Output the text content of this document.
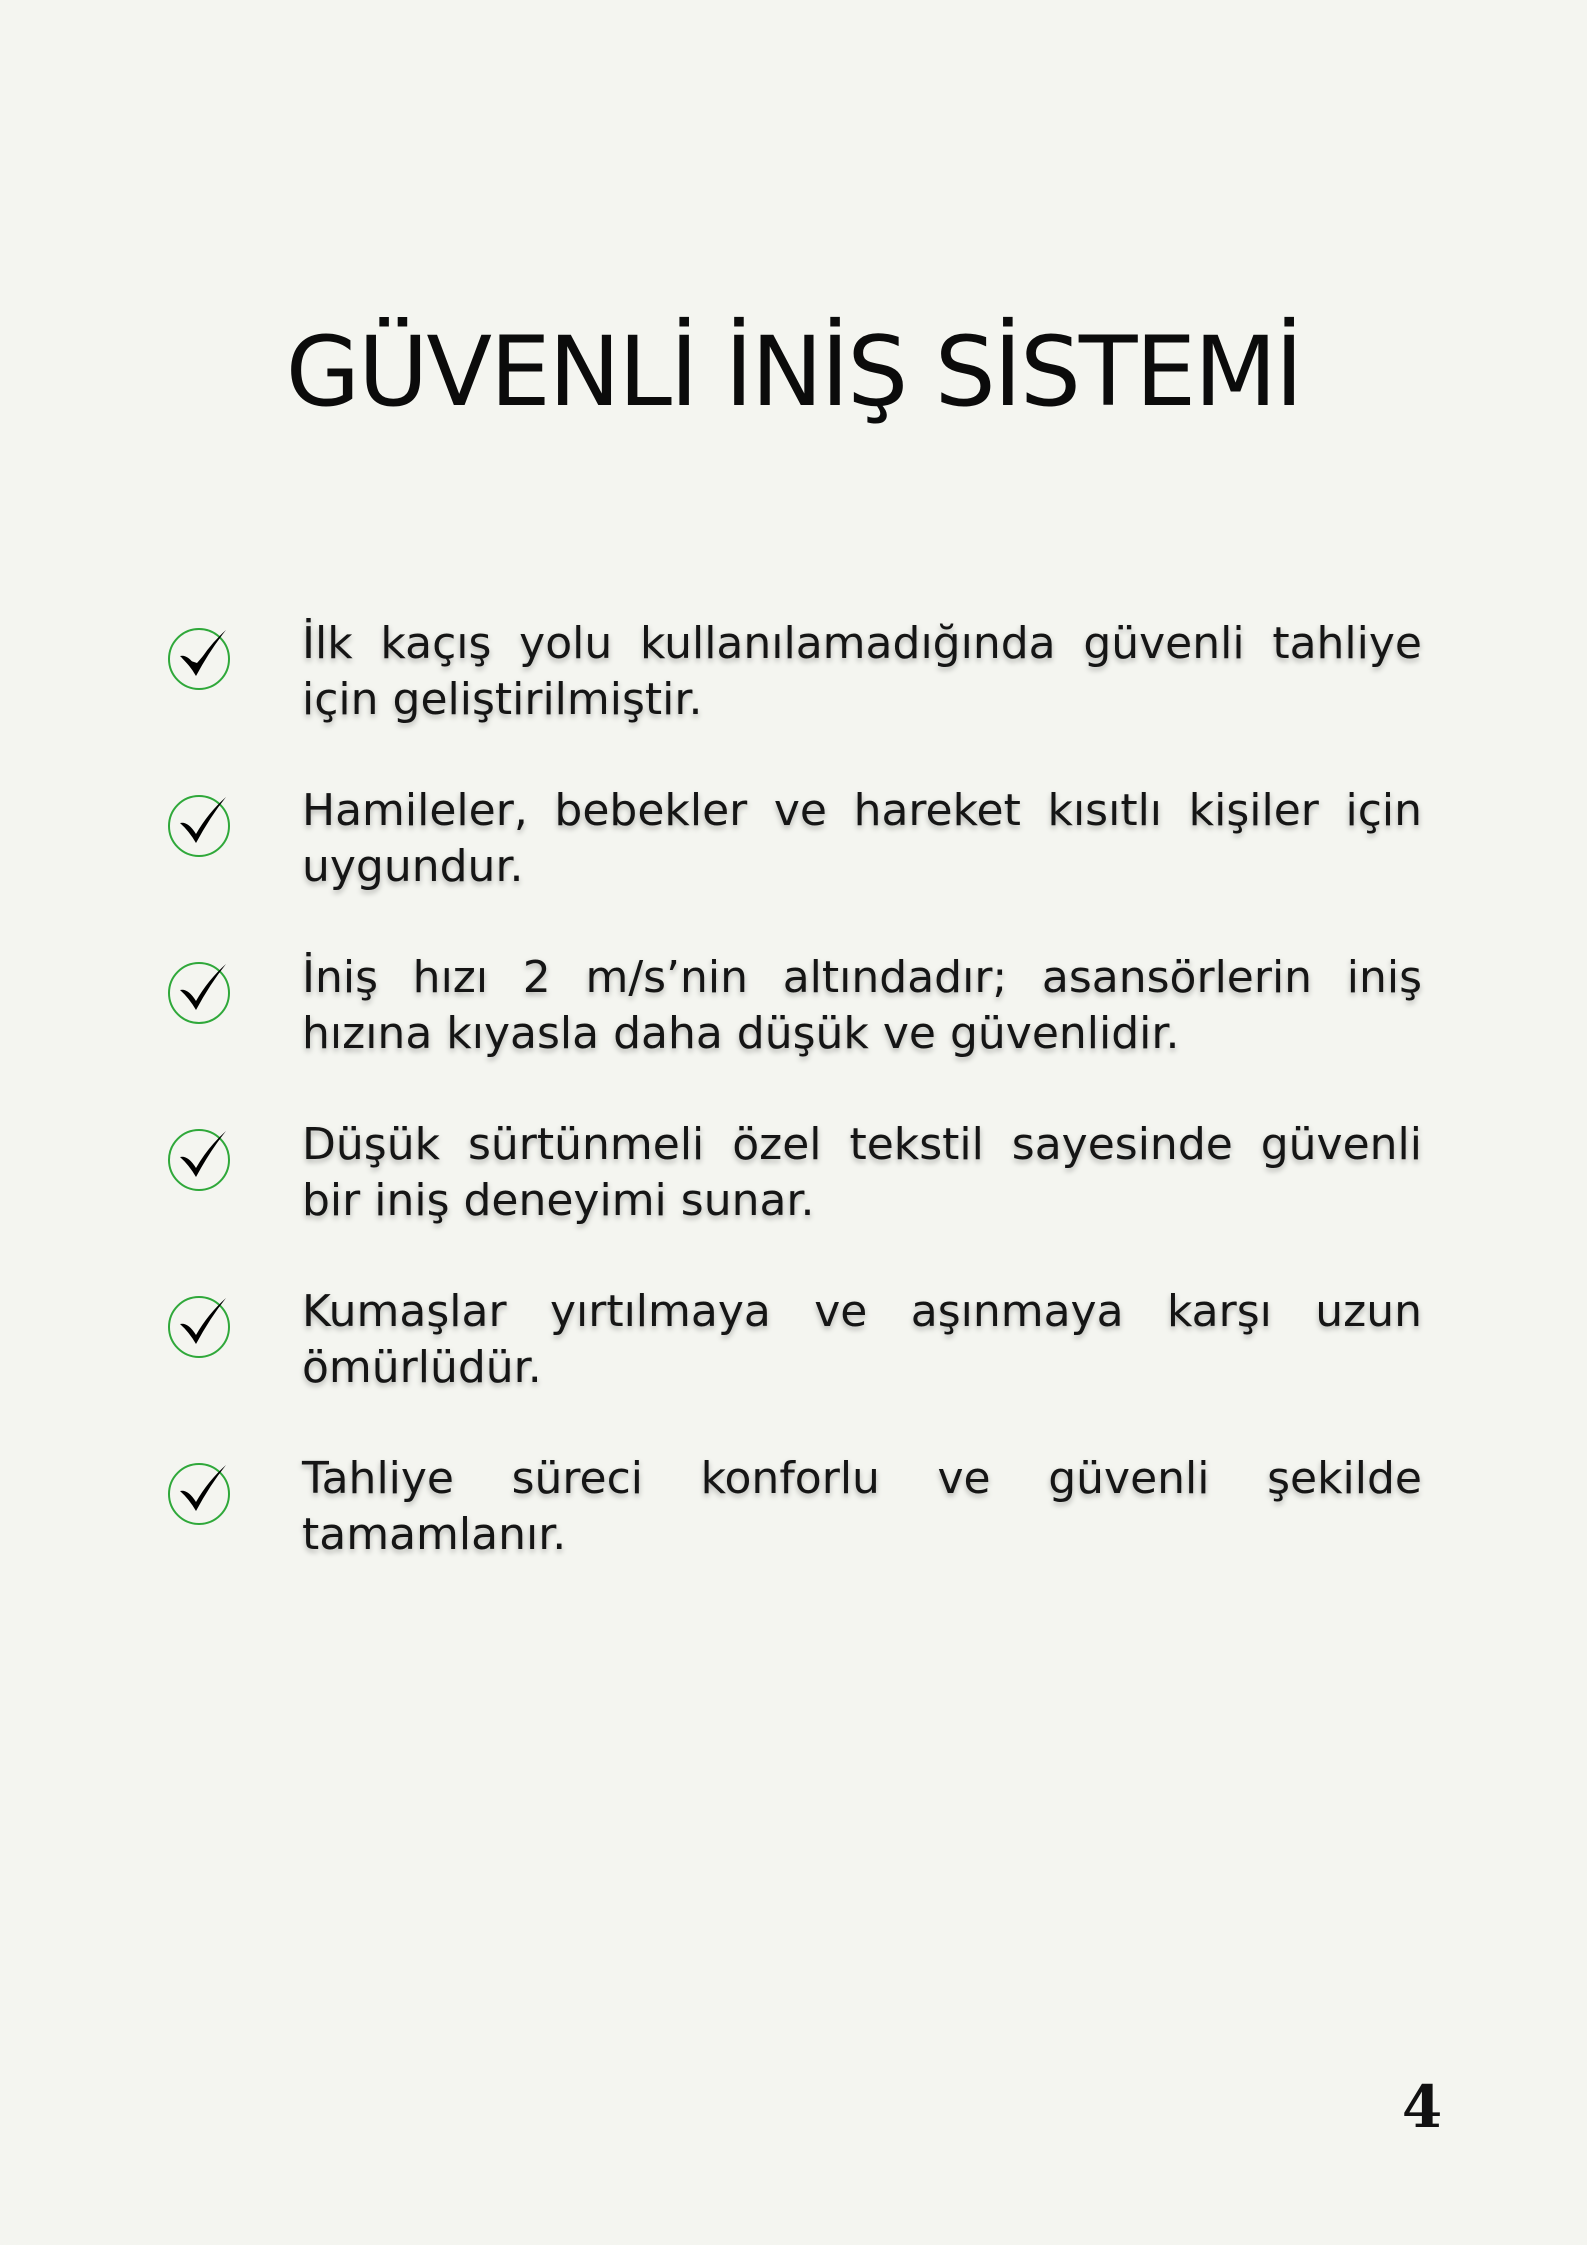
GÜVENLİ İNİŞ SİSTEMİ

İlk kaçış yolu kullanılamadığında güvenli tahliye için geliştirilmiştir.

Hamileler, bebekler ve hareket kısıtlı kişiler için uygundur.

İniş hızı 2 m/s’nin altındadır; asansörlerin iniş hızına kıyasla daha düşük ve güvenlidir.

Düşük sürtünmeli özel tekstil sayesinde güvenli bir iniş deneyimi sunar.

Kumaşlar yırtılmaya ve aşınmaya karşı uzun ömürlüdür.

Tahliye süreci konforlu ve güvenli şekilde tamamlanır.

4
